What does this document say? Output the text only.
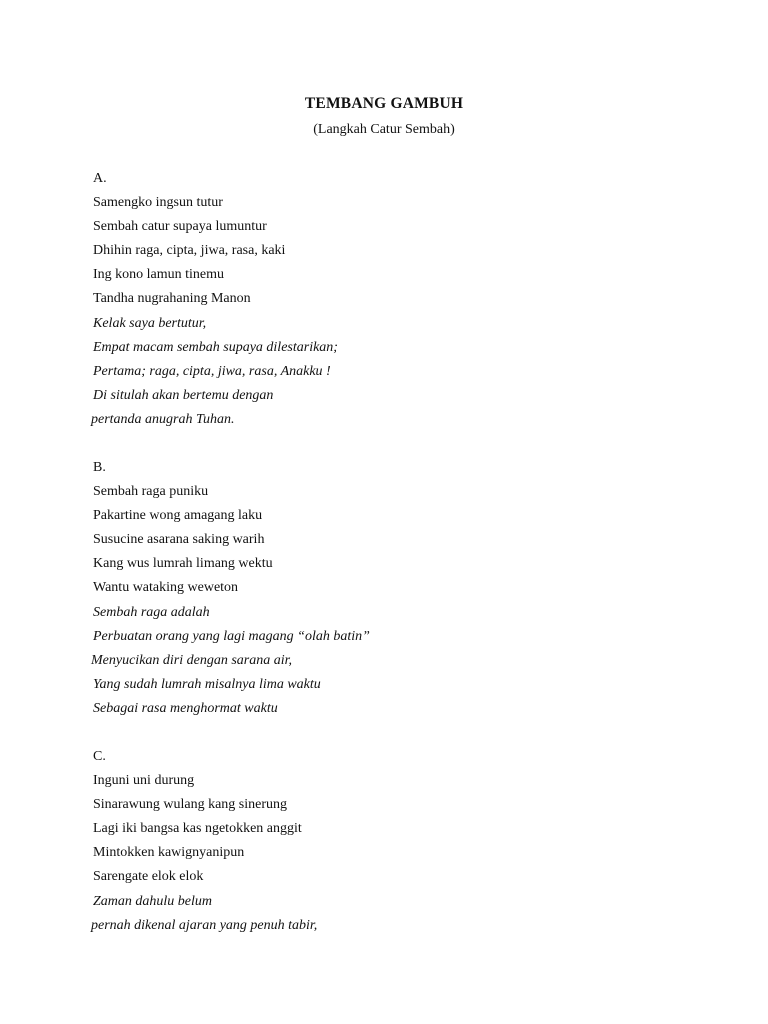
TEMBANG GAMBUH
(Langkah Catur Sembah)
A.
Samengko ingsun tutur
Sembah catur supaya lumuntur
Dhihin raga, cipta, jiwa, rasa, kaki
Ing kono lamun tinemu
Tandha nugrahaning Manon
Kelak saya bertutur,
Empat macam sembah supaya dilestarikan;
Pertama; raga, cipta, jiwa, rasa, Anakku !
Di situlah akan bertemu dengan
pertanda anugrah Tuhan.
B.
Sembah raga puniku
Pakartine wong amagang laku
Susucine asarana saking warih
Kang wus lumrah limang wektu
Wantu wataking weweton
Sembah raga adalah
Perbuatan orang yang lagi magang “olah batin”
Menyucikan diri dengan sarana air,
Yang sudah lumrah misalnya lima waktu
Sebagai rasa menghormat waktu
C.
Inguni uni durung
Sinarawung wulang kang sinerung
Lagi iki bangsa kas ngetokken anggit
Mintokken kawignyanipun
Sarengate elok elok
Zaman dahulu belum
pernah dikenal ajaran yang penuh tabir,
